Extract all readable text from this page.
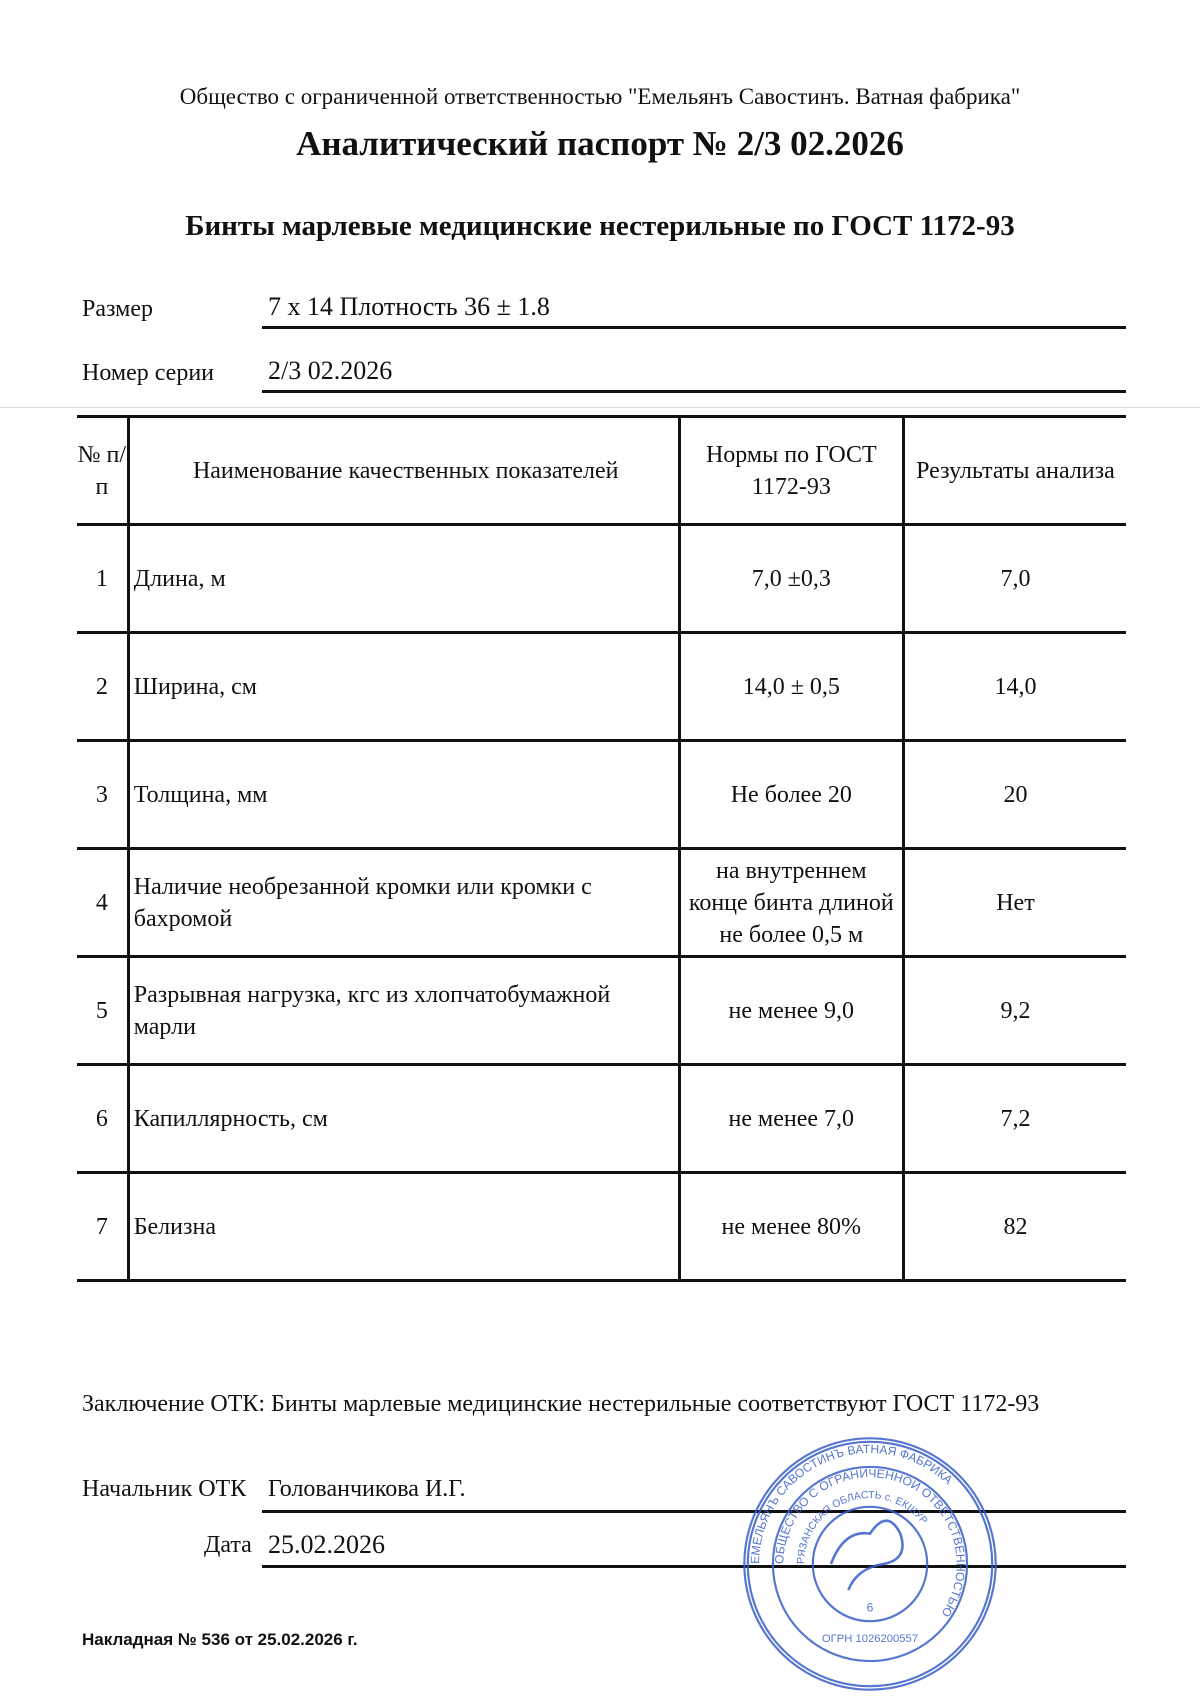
Общество с ограниченной ответственностью "Емельянъ Савостинъ. Ватная фабрика"
Аналитический паспорт № 2/3 02.2026
Бинты марлевые медицинские нестерильные по ГОСТ 1172-93
Размер	7 х 14 Плотность 36 ± 1.8
Номер серии 2/3 02.2026
№ п/п	Наименование качественных показателей	Нормы по ГОСТ 1172-93	Результаты анализа
1	Длина, м	7,0 ±0,3	7,0
2	Ширина, см	14,0 ± 0,5	14,0
3	Толщина, мм	Не более 20	20
4	Наличие необрезанной кромки или кромки с бахромой	на внутреннем конце бинта длиной не более 0,5 м	Нет
5	Разрывная нагрузка, кгс из хлопчатобумажной марли	не менее 9,0	9,2
6	Капиллярность, см	не менее 7,0	7,2
7	Белизна	не менее 80%	82
Заключение ОТК: Бинты марлевые медицинские нестерильные соответствуют ГОСТ 1172-93
Начальник ОТК Голованчикова И.Г.
Дата 25.02.2026
Накладная № 536 от 25.02.2026 г.
ЕМЕЛЬЯНЪ САВОСТИНЪ ВАТНАЯ ФАБРИКА
ОБЩЕСТВО С ОГРАНИЧЕННОЙ ОТВЕТСТВЕННОСТЬЮ
РЯЗАНСКАЯ ОБЛАСТЬ с. ЕКШУР
6
ОГРН 1026200557
